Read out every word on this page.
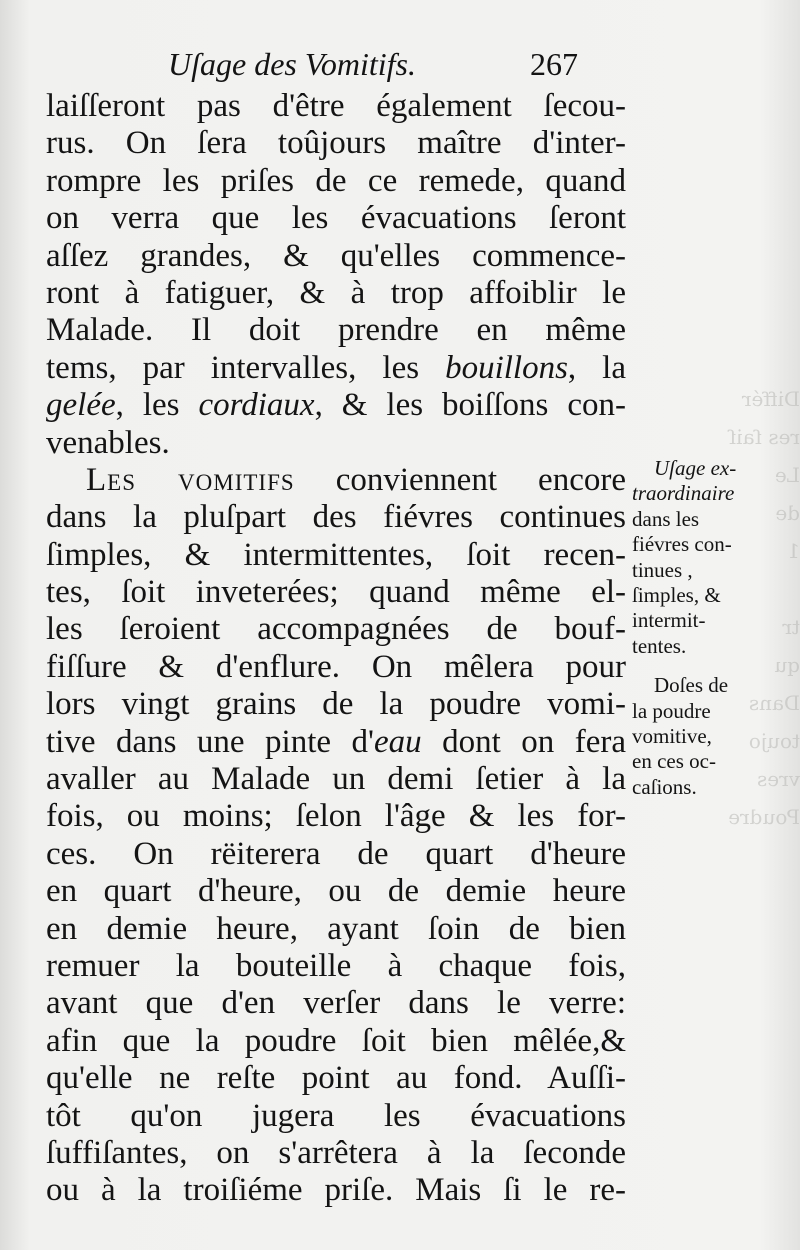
Différ
res ſaiſ
Le
de
1

tr
qu
Dans
toujo
vres
Poudre
Uſage des Vomitifs.	267
laiſſeront pas d'être également ſecou-
rus. On ſera toûjours maître d'inter-
rompre les priſes de ce remede, quand
on verra que les évacuations ſeront
aſſez grandes, & qu'elles commence-
ront à fatiguer, & à trop affoiblir le
Malade. Il doit prendre en même
tems, par intervalles, les bouillons, la
gelée, les cordiaux, & les boiſſons con-
venables.
Les vomitifs conviennent encore
dans la pluſpart des fiévres continues
ſimples, & intermittentes, ſoit recen-
tes, ſoit inveterées; quand même el-
les ſeroient accompagnées de bouf-
fiſſure & d'enflure. On mêlera pour
lors vingt grains de la poudre vomi-
tive dans une pinte d'eau dont on fera
avaller au Malade un demi ſetier à la
fois, ou moins; ſelon l'âge & les for-
ces. On rëiterera de quart d'heure
en quart d'heure, ou de demie heure
en demie heure, ayant ſoin de bien
remuer la bouteille à chaque fois,
avant que d'en verſer dans le verre:
afin que la poudre ſoit bien mêlée,&
qu'elle ne reſte point au fond. Auſſi-
tôt qu'on jugera les évacuations
ſuffiſantes, on s'arrêtera à la ſeconde
ou à la troiſiéme priſe. Mais ſi le re-
Uſage ex-
traordinaire
dans les
fiévres con-
tinues ,
ſimples, &
intermit-
tentes.
Doſes de
la poudre
vomitive,
en ces oc-
caſions.
